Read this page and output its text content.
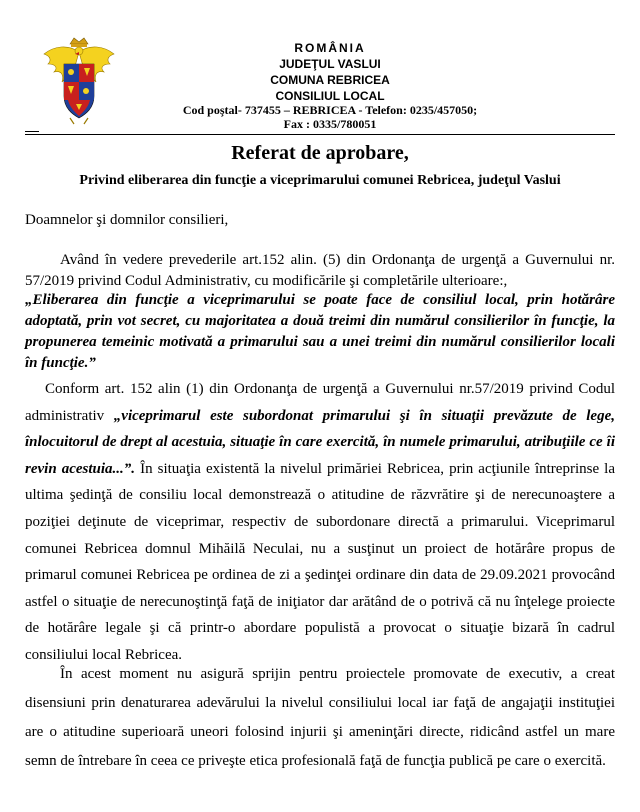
ROMÂNIA
JUDEŢUL VASLUI
COMUNA REBRICEA
CONSILIUL LOCAL
Cod poştal- 737455 – REBRICEA - Telefon: 0235/457050;
Fax : 0335/780051
Referat de aprobare,
Privind eliberarea din funcţie a viceprimarului comunei Rebricea, judeţul Vaslui
Doamnelor şi domnilor consilieri,
Având în vedere prevederile art.152 alin. (5) din Ordonanţa de urgenţă a Guvernului nr. 57/2019 privind Codul Administrativ, cu modificările şi completările ulterioare:,
„Eliberarea din funcţie a viceprimarului se poate face de consiliul local, prin hotărâre adoptată, prin vot secret, cu majoritatea a două treimi din numărul consilierilor în funcţie, la propunerea temeinic motivată a primarului sau a unei treimi din numărul consilierilor locali în funcţie.”
Conform art. 152 alin (1) din Ordonanţa de urgenţă a Guvernului nr.57/2019 privind Codul administrativ „viceprimarul este subordonat primarului şi în situaţii prevăzute de lege, înlocuitorul de drept al acestuia, situaţie în care exercită, în numele primarului, atribuţiile ce îi revin acestuia...”. În situaţia existentă la nivelul primăriei Rebricea, prin acţiunile întreprinse la ultima şedinţă de consiliu local demonstrează o atitudine de răzvrătire şi de nerecunoaştere a poziţiei deţinute de viceprimar, respectiv de subordonare directă a primarului. Viceprimarul comunei Rebricea domnul Mihăilă Neculai, nu a susţinut un proiect de hotărâre propus de primarul comunei Rebricea pe ordinea de zi a şedinţei ordinare din data de 29.09.2021 provocând astfel o situaţie de nerecunoştinţă faţă de iniţiator dar arătând de o potrivă că nu înţelege proiecte de hotărâre legale şi că printr-o abordare populistă a provocat o situaţie bizară în cadrul consiliului local Rebricea.
În acest moment nu asigură sprijin pentru proiectele promovate de executiv, a creat disensiuni prin denaturarea adevărului la nivelul consiliului local iar faţă de angajaţii instituţiei are o atitudine superioară uneori folosind injurii şi ameninţări directe, ridicând astfel un mare semn de întrebare în ceea ce priveşte etica profesională faţă de funcţia publică pe care o exercită.
